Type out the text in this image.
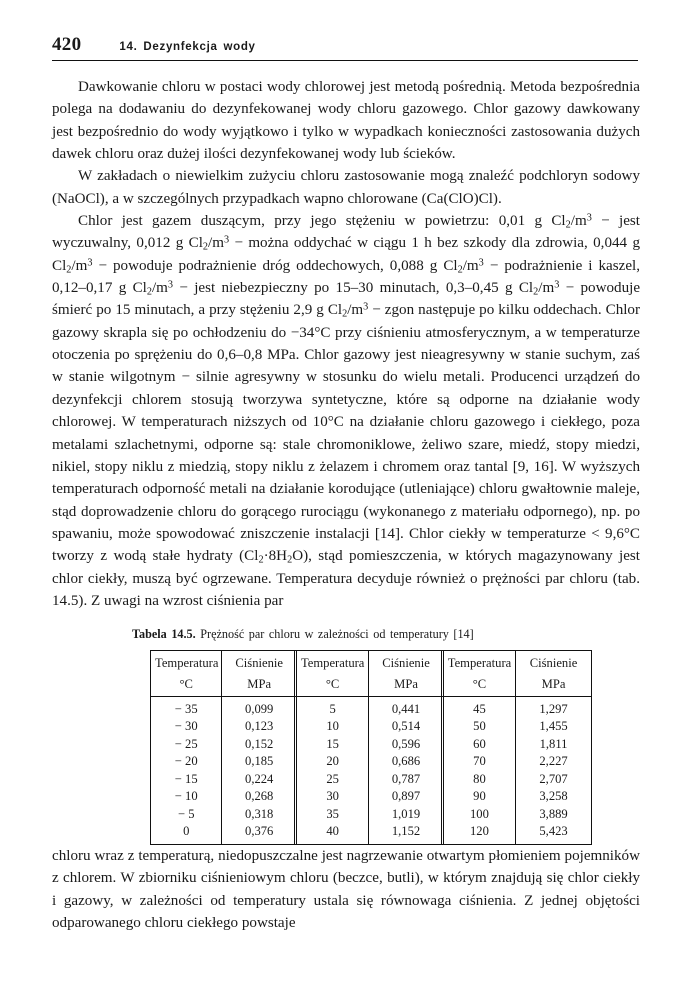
420	14. Dezynfekcja wody

Dawkowanie chloru w postaci wody chlorowej jest metodą pośrednią. Metoda bezpośrednia polega na dodawaniu do dezynfekowanej wody chloru gazowego. Chlor gazowy dawkowany jest bezpośrednio do wody wyjątkowo i tylko w wypadkach konieczności zastosowania dużych dawek chloru oraz dużej ilości dezynfekowanej wody lub ścieków.

W zakładach o niewielkim zużyciu chloru zastosowanie mogą znaleźć podchloryn sodowy (NaOCl), a w szczególnych przypadkach wapno chlorowane (Ca(ClO)Cl).

Chlor jest gazem duszącym, przy jego stężeniu w powietrzu: 0,01 g $Cl_2/m^3$ − jest wyczuwalny, 0,012 g $Cl_2/m^3$ − można oddychać w ciągu 1 h bez szkody dla zdrowia, 0,044 g $Cl_2/m^3$ − powoduje podrażnienie dróg oddechowych, 0,088 g $Cl_2/m^3$ − podrażnienie i kaszel, 0,12–0,17 g $Cl_2/m^3$ − jest niebezpieczny po 15–30 minutach, 0,3–0,45 g $Cl_2/m^3$ − powoduje śmierć po 15 minutach, a przy stężeniu 2,9 g $Cl_2/m^3$ − zgon następuje po kilku oddechach. Chlor gazowy skrapla się po ochłodzeniu do −34°C przy ciśnieniu atmosferycznym, a w temperaturze otoczenia po sprężeniu do 0,6–0,8 MPa. Chlor gazowy jest nieagresywny w stanie suchym, zaś w stanie wilgotnym − silnie agresywny w stosunku do wielu metali. Producenci urządzeń do dezynfekcji chlorem stosują tworzywa syntetyczne, które są odporne na działanie wody chlorowej. W temperaturach niższych od 10°C na działanie chloru gazowego i ciekłego, poza metalami szlachetnymi, odporne są: stale chromoniklowe, żeliwo szare, miedź, stopy miedzi, nikiel, stopy niklu z miedzią, stopy niklu z żelazem i chromem oraz tantal [9, 16]. W wyższych temperaturach odporność metali na działanie korodujące (utleniające) chloru gwałtownie maleje, stąd doprowadzenie chloru do gorącego rurociągu (wykonanego z materiału odpornego), np. po spawaniu, może spowodować zniszczenie instalacji [14]. Chlor ciekły w temperaturze < 9,6°C tworzy z wodą stałe hydraty $(Cl_2\cdot 8H_2O)$, stąd pomieszczenia, w których magazynowany jest chlor ciekły, muszą być ogrzewane. Temperatura decyduje również o prężności par chloru (tab. 14.5). Z uwagi na wzrost ciśnienia par

Tabela 14.5. Prężność par chloru w zależności od temperatury [14]
Temperatura	Ciśnienie	Temperatura	Ciśnienie	Temperatura	Ciśnienie
°C	MPa	°C	MPa	°C	MPa
− 35	0,099	5	0,441	45	1,297
− 30	0,123	10	0,514	50	1,455
− 25	0,152	15	0,596	60	1,811
− 20	0,185	20	0,686	70	2,227
− 15	0,224	25	0,787	80	2,707
− 10	0,268	30	0,897	90	3,258
− 5	0,318	35	1,019	100	3,889
0	0,376	40	1,152	120	5,423

chloru wraz z temperaturą, niedopuszczalne jest nagrzewanie otwartym płomieniem pojemników z chlorem. W zbiorniku ciśnieniowym chloru (beczce, butli), w którym znajdują się chlor ciekły i gazowy, w zależności od temperatury ustala się równowaga ciśnienia. Z jednej objętości odparowanego chloru ciekłego powstaje
